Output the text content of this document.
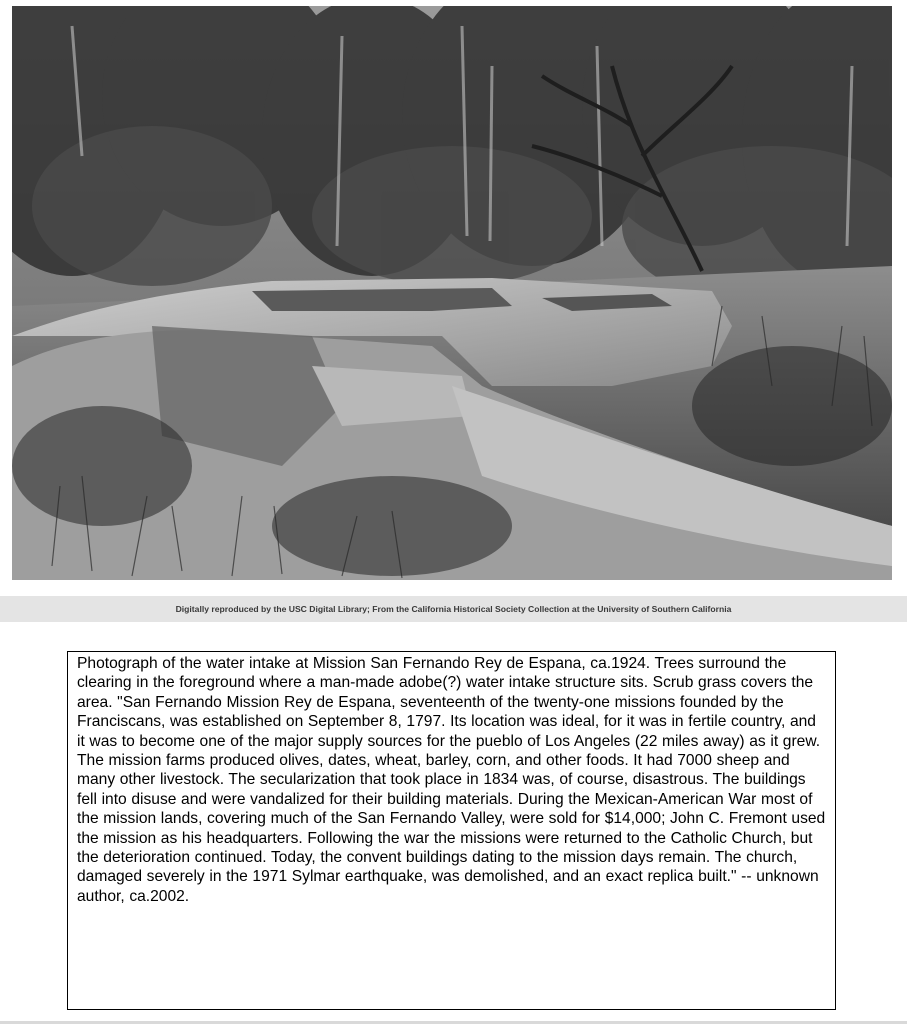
Digitally reproduced by the USC Digital Library; From the California Historical Society Collection at the University of Southern California

Photograph of the water intake at Mission San Fernando Rey de Espana, ca.1924. Trees surround the clearing in the foreground where a man-made adobe(?) water intake structure sits. Scrub grass covers the area. "San Fernando Mission Rey de Espana, seventeenth of the twenty-one missions founded by the Franciscans, was established on September 8, 1797. Its location was ideal, for it was in fertile country, and it was to become one of the major supply sources for the pueblo of Los Angeles (22 miles away) as it grew. The mission farms produced olives, dates, wheat, barley, corn, and other foods. It had 7000 sheep and many other livestock. The secularization that took place in 1834 was, of course, disastrous. The buildings fell into disuse and were vandalized for their building materials. During the Mexican-American War most of the mission lands, covering much of the San Fernando Valley, were sold for $14,000; John C. Fremont used the mission as his headquarters. Following the war the missions were returned to the Catholic Church, but the deterioration continued. Today, the convent buildings dating to the mission days remain. The church, damaged severely in the 1971 Sylmar earthquake, was demolished, and an exact replica built." -- unknown author, ca.2002.
